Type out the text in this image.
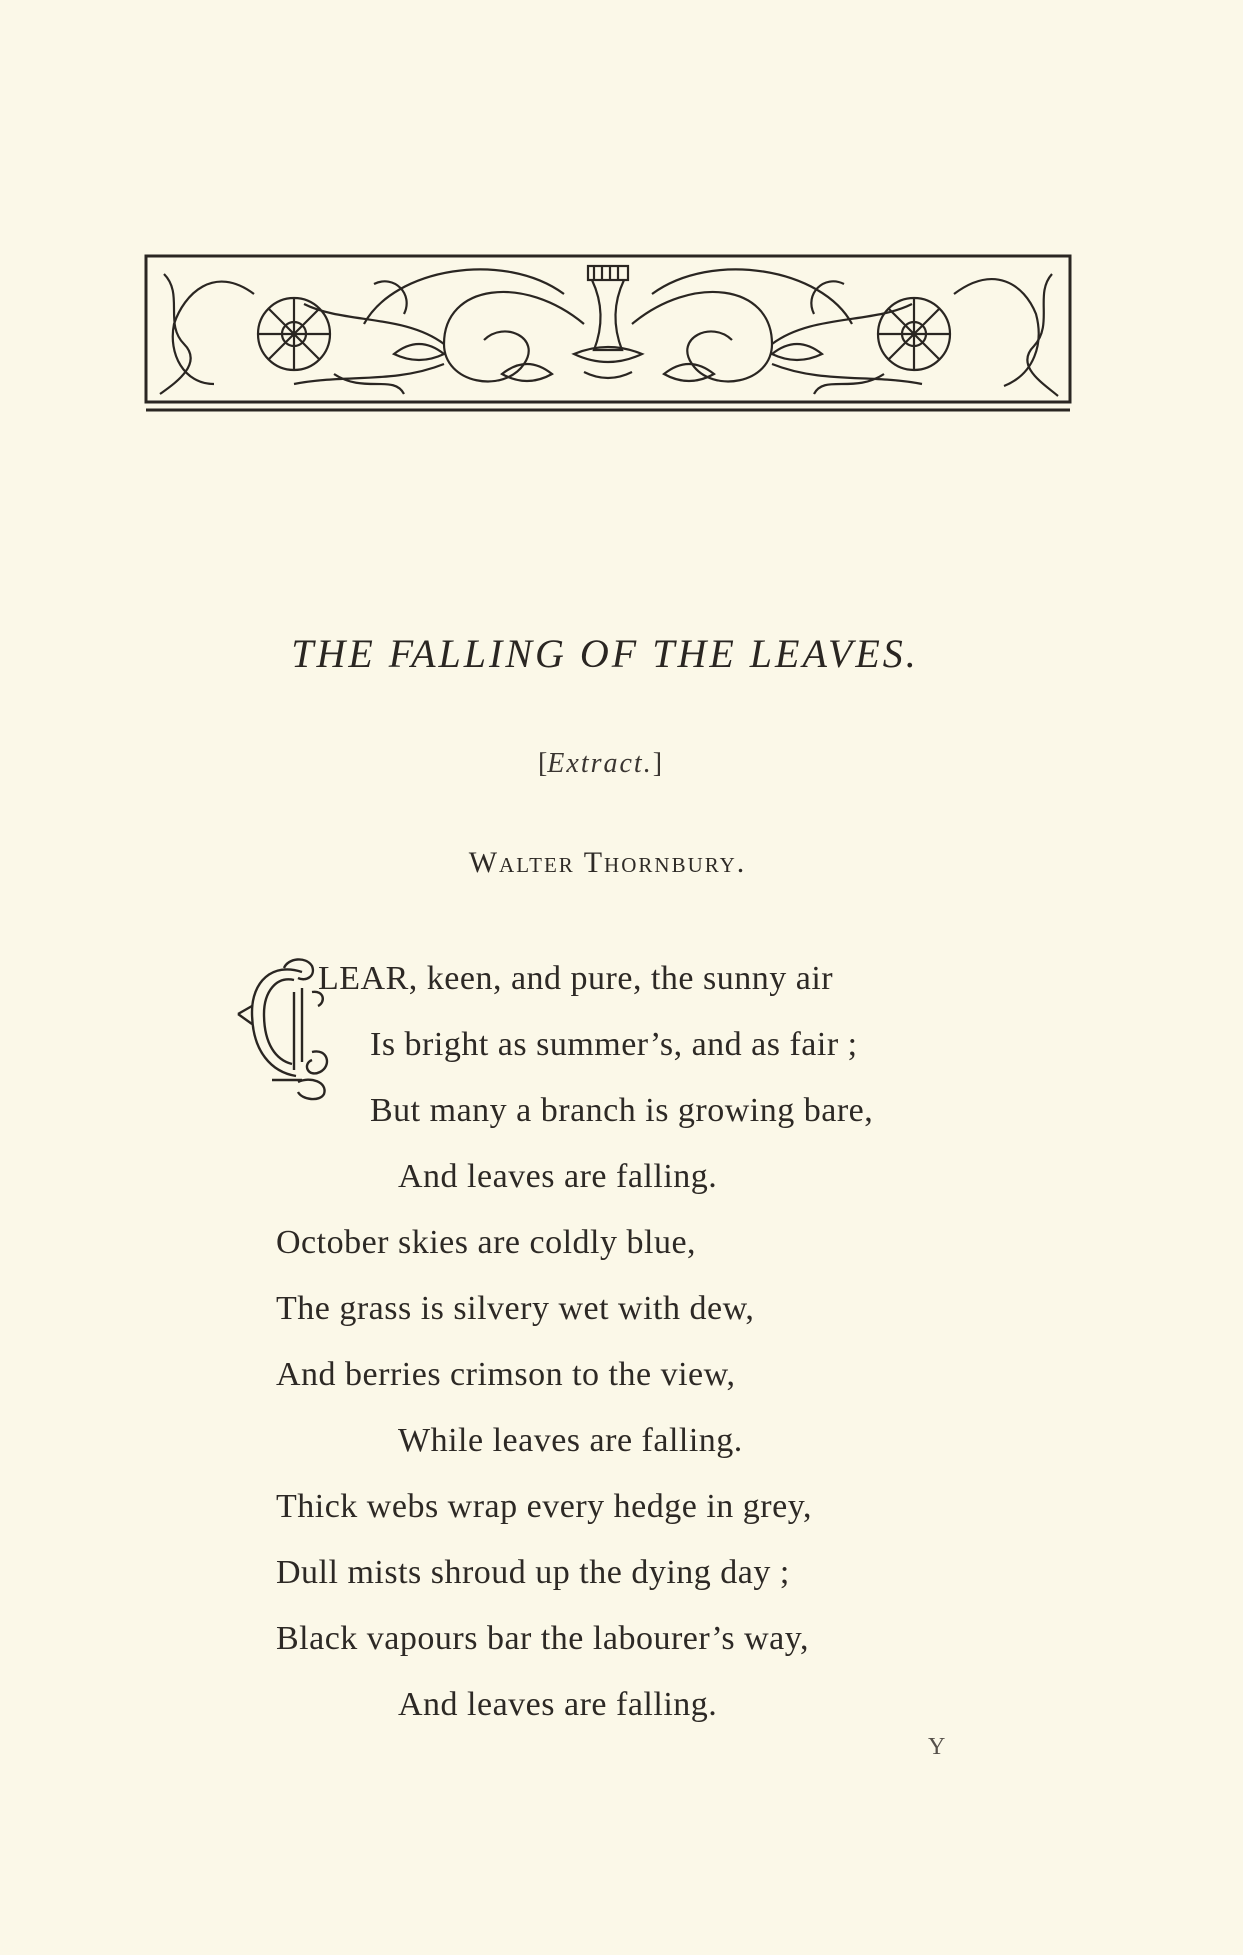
THE FALLING OF THE LEAVES.
[Extract.]
Walter Thornbury.
LEAR, keen, and pure, the sunny air
Is bright as summer’s, and as fair ;
But many a branch is growing bare,
And leaves are falling.
October skies are coldly blue,
The grass is silvery wet with dew,
And berries crimson to the view,
While leaves are falling.
Thick webs wrap every hedge in grey,
Dull mists shroud up the dying day ;
Black vapours bar the labourer’s way,
And leaves are falling.
Y
